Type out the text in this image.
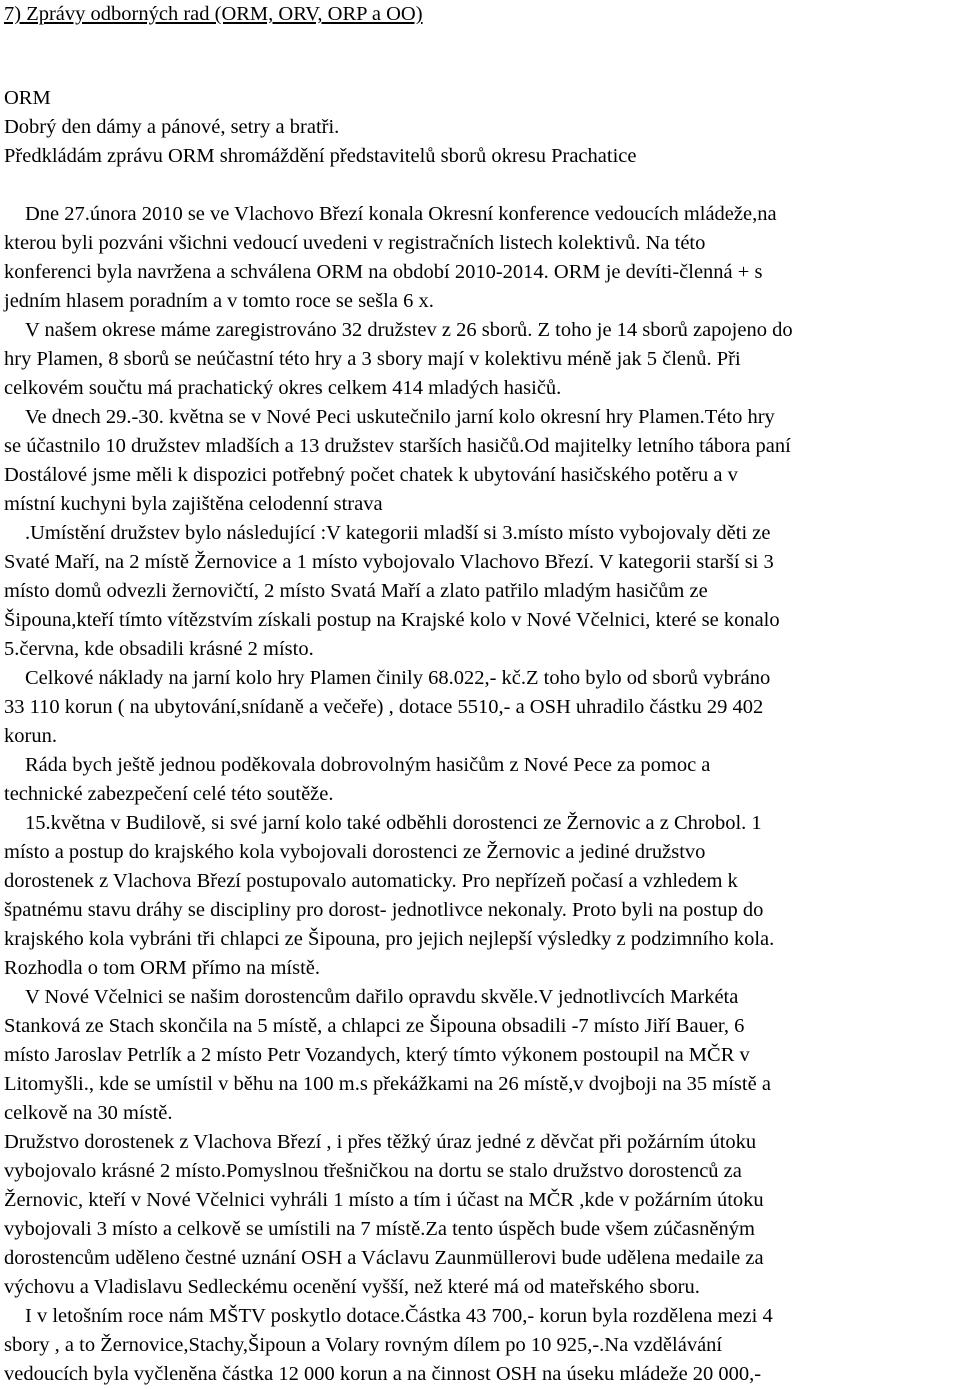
7) Zprávy odborných rad (ORM, ORV, ORP a OO)

ORM

Dobrý den dámy a pánové, setry a bratři.

Předkládám zprávu ORM shromáždění představitelů sborů okresu Prachatice

Dne 27.února 2010 se ve Vlachovo Březí konala Okresní konference vedoucích mládeže,na
kterou byli pozváni všichni vedoucí uvedeni v registračních listech kolektivů. Na této
konferenci byla navržena a schválena ORM na období 2010-2014. ORM je devíti-členná + s
jedním hlasem poradním a v tomto roce se sešla 6 x.
V našem okrese máme zaregistrováno 32 družstev z 26 sborů. Z toho je 14 sborů zapojeno do
hry Plamen, 8 sborů se neúčastní této hry a 3 sbory mají v kolektivu méně jak 5 členů. Při
celkovém součtu má prachatický okres celkem 414 mladých hasičů.
Ve dnech 29.-30. května se v Nové Peci uskutečnilo jarní kolo okresní hry Plamen.Této hry
se účastnilo 10 družstev mladších a 13 družstev starších hasičů.Od majitelky letního tábora paní
Dostálové jsme měli k dispozici potřebný počet chatek k ubytování hasičského potěru a v
místní kuchyni byla zajištěna celodenní strava
.Umístění družstev bylo následující :V kategorii mladší si 3.místo místo vybojovaly děti ze
Svaté Maří, na 2 místě Žernovice a 1 místo vybojovalo Vlachovo Březí. V kategorii starší si 3
místo domů odvezli žernovičtí, 2 místo Svatá Maří a zlato patřilo mladým hasičům ze
Šipouna,kteří tímto vítězstvím získali postup na Krajské kolo v Nové Včelnici, které se konalo
5.června, kde obsadili krásné 2 místo.
Celkové náklady na jarní kolo hry Plamen činily 68.022,- kč.Z toho bylo od sborů vybráno
33 110 korun ( na ubytování,snídaně a večeře) , dotace 5510,- a OSH uhradilo částku 29 402
korun.
Ráda bych ještě jednou poděkovala dobrovolným hasičům z Nové Pece za pomoc a
technické zabezpečení celé této soutěže.
15.května v Budilově, si své jarní kolo také odběhli dorostenci ze Žernovic a z Chrobol. 1
místo a postup do krajského kola vybojovali dorostenci ze Žernovic a jediné družstvo
dorostenek z Vlachova Březí postupovalo automaticky. Pro nepřízeň počasí a vzhledem k
špatnému stavu dráhy se discipliny pro dorost- jednotlivce nekonaly. Proto byli na postup do
krajského kola vybráni tři chlapci ze Šipouna, pro jejich nejlepší výsledky z podzimního kola.
Rozhodla o tom ORM přímo na místě.
V Nové Včelnici se našim dorostencům dařilo opravdu skvěle.V jednotlivcích Markéta
Stanková ze Stach skončila na 5 místě, a chlapci ze Šipouna obsadili -7 místo Jiří Bauer, 6
místo Jaroslav Petrlík a 2 místo Petr Vozandych, který tímto výkonem postoupil na MČR v
Litomyšli., kde se umístil v běhu na 100 m.s překážkami na 26 místě,v dvojboji na 35 místě a
celkově na 30 místě.
Družstvo dorostenek z Vlachova Březí , i přes těžký úraz jedné z děvčat při požárním útoku
vybojovalo krásné 2 místo.Pomyslnou třešničkou na dortu se stalo družstvo dorostenců za
Žernovic, kteří v Nové Včelnici vyhráli 1 místo a tím i účast na MČR ,kde v požárním útoku
vybojovali 3 místo a celkově se umístili na 7 místě.Za tento úspěch bude všem zúčasněným
dorostencům uděleno čestné uznání OSH a Václavu Zaunmüllerovi bude udělena medaile za
výchovu a Vladislavu Sedleckému ocenění vyšší, než které má od mateřského sboru.
I v letošním roce nám MŠTV poskytlo dotace.Částka 43 700,- korun byla rozdělena mezi 4
sbory , a to Žernovice,Stachy,Šipoun a Volary rovným dílem po 10 925,-.Na vzdělávání
vedoucích byla vyčleněna částka 12 000 korun a na činnost OSH na úseku mládeže 20 000,-
